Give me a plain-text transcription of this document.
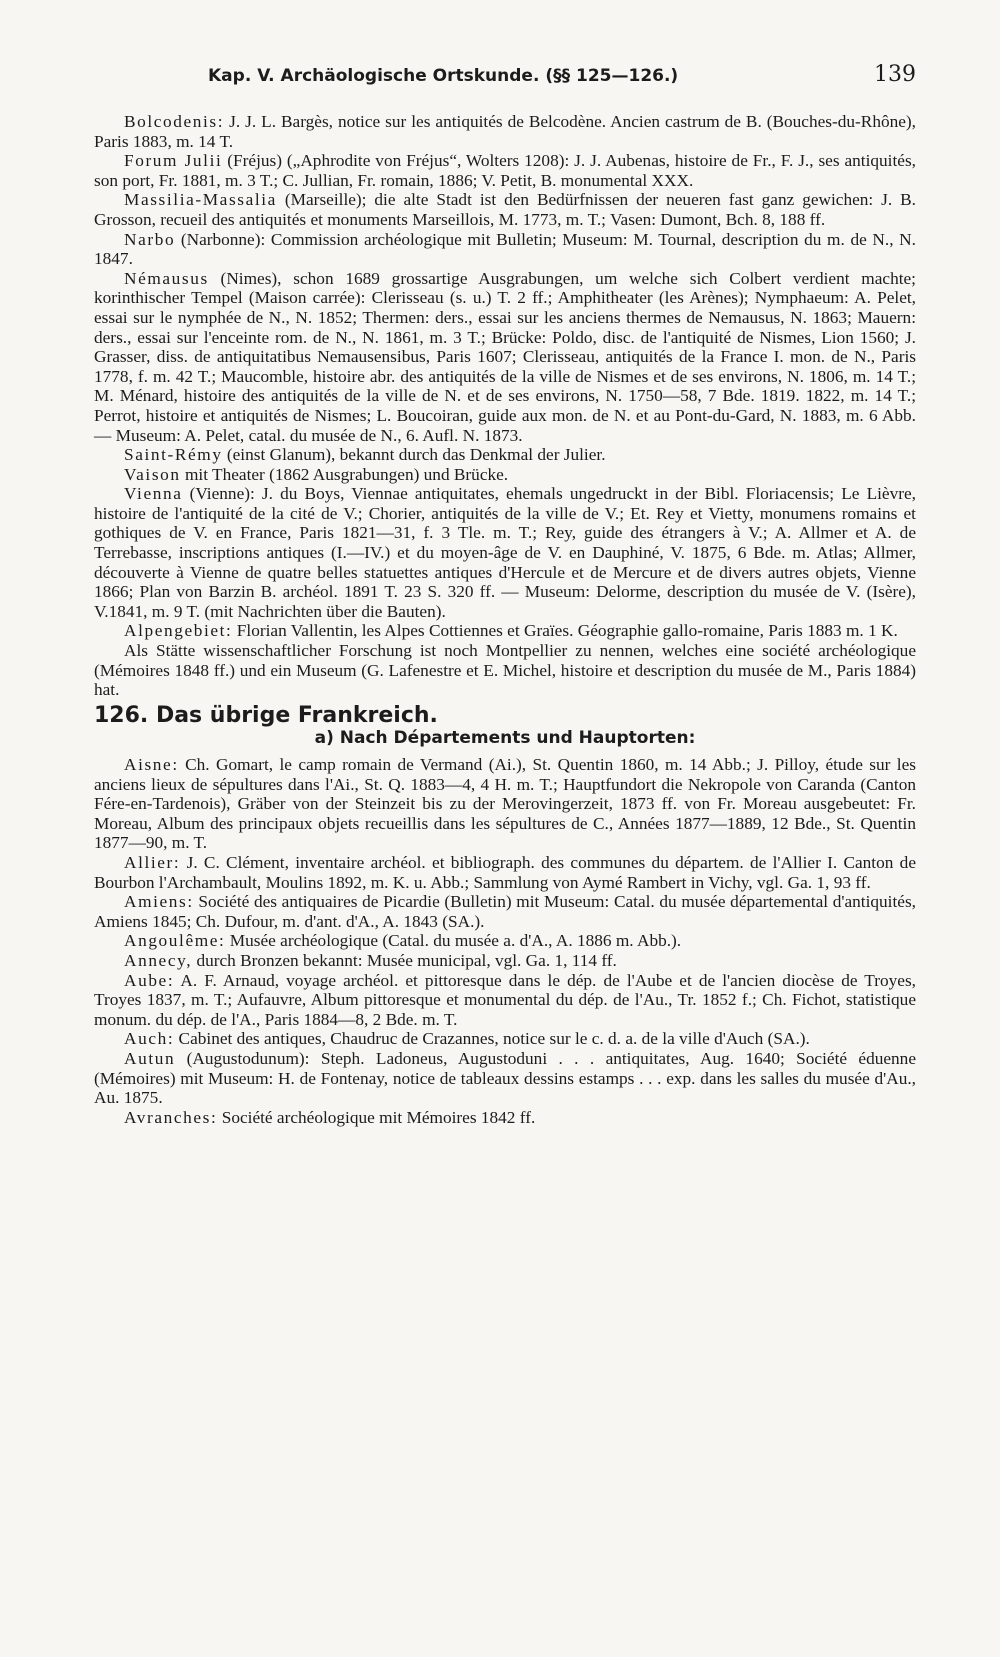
Kap. V. Archäologische Ortskunde. (§§ 125—126.)	139

Bolcodenis: J. J. L. Bargès, notice sur les antiquités de Belcodène. Ancien castrum de B. (Bouches-du-Rhône), Paris 1883, m. 14 T.

Forum Julii (Fréjus) („Aphrodite von Fréjus“, Wolters 1208): J. J. Aubenas, histoire de Fr., F. J., ses antiquités, son port, Fr. 1881, m. 3 T.; C. Jullian, Fr. romain, 1886; V. Petit, B. monumental XXX.

Massilia-Massalia (Marseille); die alte Stadt ist den Bedürfnissen der neueren fast ganz gewichen: J. B. Grosson, recueil des antiquités et monuments Marseillois, M. 1773, m. T.; Vasen: Dumont, Bch. 8, 188 ff.

Narbo (Narbonne): Commission archéologique mit Bulletin; Museum: M. Tournal, description du m. de N., N. 1847.

Némausus (Nimes), schon 1689 grossartige Ausgrabungen, um welche sich Colbert verdient machte; korinthischer Tempel (Maison carrée): Clerisseau (s. u.) T. 2 ff.; Amphitheater (les Arènes); Nymphaeum: A. Pelet, essai sur le nymphée de N., N. 1852; Thermen: ders., essai sur les anciens thermes de Nemausus, N. 1863; Mauern: ders., essai sur l'enceinte rom. de N., N. 1861, m. 3 T.; Brücke: Poldo, disc. de l'antiquité de Nismes, Lion 1560; J. Grasser, diss. de antiquitatibus Nemausensibus, Paris 1607; Clerisseau, antiquités de la France I. mon. de N., Paris 1778, f. m. 42 T.; Maucomble, histoire abr. des antiquités de la ville de Nismes et de ses environs, N. 1806, m. 14 T.; M. Ménard, histoire des antiquités de la ville de N. et de ses environs, N. 1750—58, 7 Bde. 1819. 1822, m. 14 T.; Perrot, histoire et antiquités de Nismes; L. Boucoiran, guide aux mon. de N. et au Pont-du-Gard, N. 1883, m. 6 Abb. — Museum: A. Pelet, catal. du musée de N., 6. Aufl. N. 1873.

Saint-Rémy (einst Glanum), bekannt durch das Denkmal der Julier.

Vaison mit Theater (1862 Ausgrabungen) und Brücke.

Vienna (Vienne): J. du Boys, Viennae antiquitates, ehemals ungedruckt in der Bibl. Floriacensis; Le Lièvre, histoire de l'antiquité de la cité de V.; Chorier, antiquités de la ville de V.; Et. Rey et Vietty, monumens romains et gothiques de V. en France, Paris 1821—31, f. 3 Tle. m. T.; Rey, guide des étrangers à V.; A. Allmer et A. de Terrebasse, inscriptions antiques (I.—IV.) et du moyen-âge de V. en Dauphiné, V. 1875, 6 Bde. m. Atlas; Allmer, découverte à Vienne de quatre belles statuettes antiques d'Hercule et de Mercure et de divers autres objets, Vienne 1866; Plan von Barzin B. archéol. 1891 T. 23 S. 320 ff. — Museum: Delorme, description du musée de V. (Isère), V.1841, m. 9 T. (mit Nachrichten über die Bauten).

Alpengebiet: Florian Vallentin, les Alpes Cottiennes et Graïes. Géographie gallo-romaine, Paris 1883 m. 1 K.

Als Stätte wissenschaftlicher Forschung ist noch Montpellier zu nennen, welches eine société archéologique (Mémoires 1848 ff.) und ein Museum (G. Lafenestre et E. Michel, histoire et description du musée de M., Paris 1884) hat.

126. Das übrige Frankreich.

a) Nach Départements und Hauptorten:

Aisne: Ch. Gomart, le camp romain de Vermand (Ai.), St. Quentin 1860, m. 14 Abb.; J. Pilloy, étude sur les anciens lieux de sépultures dans l'Ai., St. Q. 1883—4, 4 H. m. T.; Hauptfundort die Nekropole von Caranda (Canton Fére-en-Tardenois), Gräber von der Steinzeit bis zu der Merovingerzeit, 1873 ff. von Fr. Moreau ausgebeutet: Fr. Moreau, Album des principaux objets recueillis dans les sépultures de C., Années 1877—1889, 12 Bde., St. Quentin 1877—90, m. T.

Allier: J. C. Clément, inventaire archéol. et bibliograph. des communes du départem. de l'Allier I. Canton de Bourbon l'Archambault, Moulins 1892, m. K. u. Abb.; Sammlung von Aymé Rambert in Vichy, vgl. Ga. 1, 93 ff.

Amiens: Société des antiquaires de Picardie (Bulletin) mit Museum: Catal. du musée départemental d'antiquités, Amiens 1845; Ch. Dufour, m. d'ant. d'A., A. 1843 (SA.).

Angoulême: Musée archéologique (Catal. du musée a. d'A., A. 1886 m. Abb.).

Annecy, durch Bronzen bekannt: Musée municipal, vgl. Ga. 1, 114 ff.

Aube: A. F. Arnaud, voyage archéol. et pittoresque dans le dép. de l'Aube et de l'ancien diocèse de Troyes, Troyes 1837, m. T.; Aufauvre, Album pittoresque et monumental du dép. de l'Au., Tr. 1852 f.; Ch. Fichot, statistique monum. du dép. de l'A., Paris 1884—8, 2 Bde. m. T.

Auch: Cabinet des antiques, Chaudruc de Crazannes, notice sur le c. d. a. de la ville d'Auch (SA.).

Autun (Augustodunum): Steph. Ladoneus, Augustoduni . . . antiquitates, Aug. 1640; Société éduenne (Mémoires) mit Museum: H. de Fontenay, notice de tableaux dessins estamps . . . exp. dans les salles du musée d'Au., Au. 1875.

Avranches: Société archéologique mit Mémoires 1842 ff.
